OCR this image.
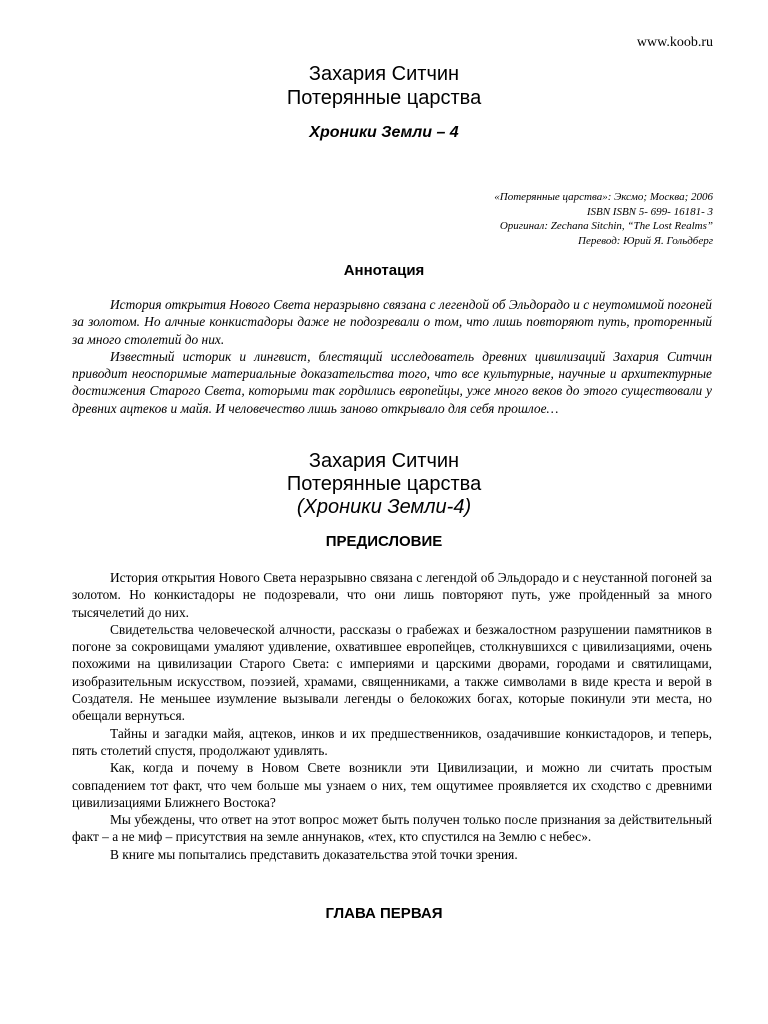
www.koob.ru
Захария Ситчин
Потерянные царства
Хроники Земли – 4
«Потерянные царства»: Эксмо; Москва; 2006
ISBN ISBN 5- 699- 16181- 3
Оригинал: Zechana Sitchin, “The Lost Realms”
Перевод: Юрий Я. Гольдберг
Аннотация

История открытия Нового Света неразрывно связана с легендой об Эльдорадо и с неутомимой погоней за золотом. Но алчные конкистадоры даже не подозревали о том, что лишь повторяют путь, проторенный за много столетий до них.

Известный историк и лингвист, блестящий исследователь древних цивилизаций Захария Ситчин приводит неоспоримые материальные доказательства того, что все культурные, научные и архитектурные достижения Старого Света, которыми так гордились европейцы, уже много веков до этого существовали у древних ацтеков и майя. И человечество лишь заново открывало для себя прошлое…

Захария Ситчин
Потерянные царства
(Хроники Земли-4)
ПРЕДИСЛОВИЕ

История открытия Нового Света неразрывно связана с легендой об Эльдорадо и с неустанной погоней за золотом. Но конкистадоры не подозревали, что они лишь повторяют путь, уже пройденный за много тысячелетий до них.

Свидетельства человеческой алчности, рассказы о грабежах и безжалостном разрушении памятников в погоне за сокровищами умаляют удивление, охватившее европейцев, столкнувшихся с цивилизациями, очень похожими на цивилизации Старого Света: с империями и царскими дворами, городами и святилищами, изобразительным искусством, поэзией, храмами, священниками, а также символами в виде креста и верой в Создателя. Не меньшее изумление вызывали легенды о белокожих богах, которые покинули эти места, но обещали вернуться.

Тайны и загадки майя, ацтеков, инков и их предшественников, озадачившие конкистадоров, и теперь, пять столетий спустя, продолжают удивлять.

Как, когда и почему в Новом Свете возникли эти Цивилизации, и можно ли считать простым совпадением тот факт, что чем больше мы узнаем о них, тем ощутимее проявляется их сходство с древними цивилизациями Ближнего Востока?

Мы убеждены, что ответ на этот вопрос может быть получен только после признания за действительный факт – а не миф – присутствия на земле аннунаков, «тех, кто спустился на Землю с небес».

В книге мы попытались представить доказательства этой точки зрения.

ГЛАВА ПЕРВАЯ
